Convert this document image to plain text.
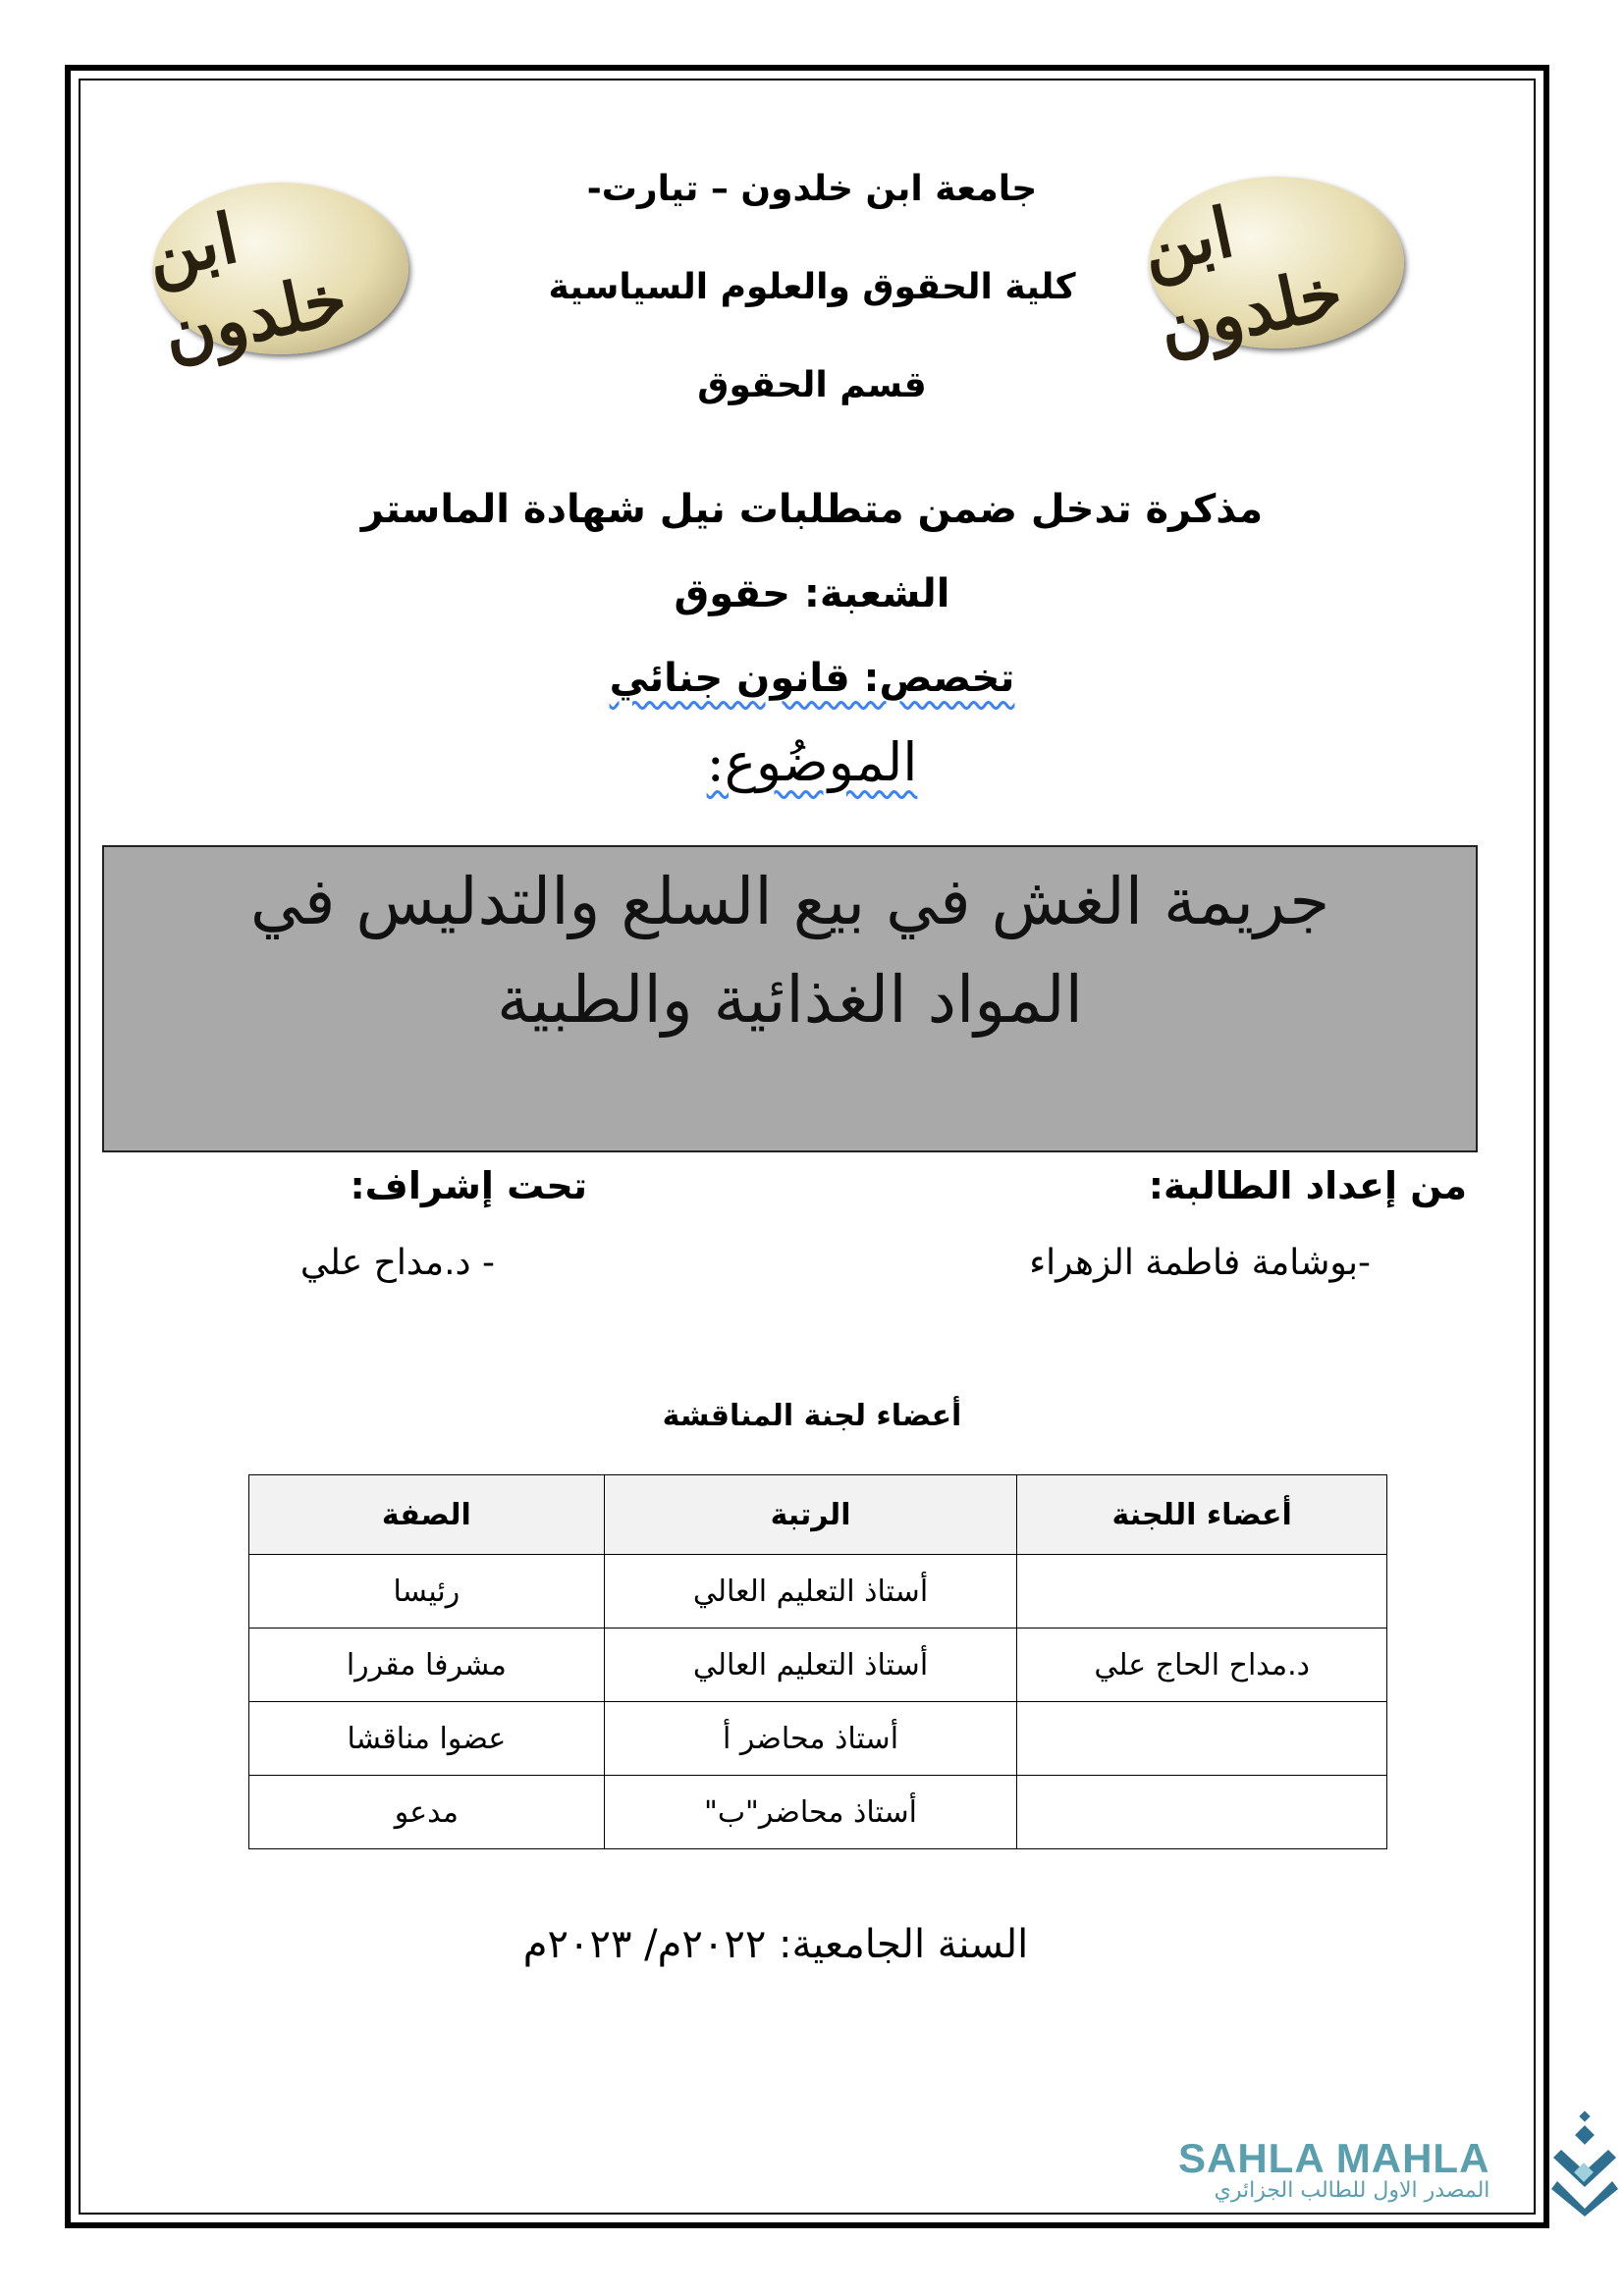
ابن خلدون
ابن خلدون
جامعة ابن خلدون – تيارت-
كلية الحقوق والعلوم السياسية
قسم الحقوق
مذكرة تدخل ضمن متطلبات نيل شهادة الماستر
الشعبة: حقوق
تخصص: قانون جنائي
الموضُوع:
جريمة الغش في بيع السلع والتدليس في
المواد الغذائية والطبية
من إعداد الطالبة:
تحت إشراف:
-بوشامة فاطمة الزهراء
- د.مداح علي
أعضاء لجنة المناقشة
أعضاء اللجنة	الرتبة	الصفة
	أستاذ التعليم العالي	رئيسا
د.مداح الحاج علي	أستاذ التعليم العالي	مشرفا مقررا
	أستاذ محاضر أ	عضوا مناقشا
	أستاذ محاضر"ب"	مدعو
السنة الجامعية: ٢٠٢٢م/ ٢٠٢٣م
SAHLA MAHLA
المصدر الاول للطالب الجزائري
